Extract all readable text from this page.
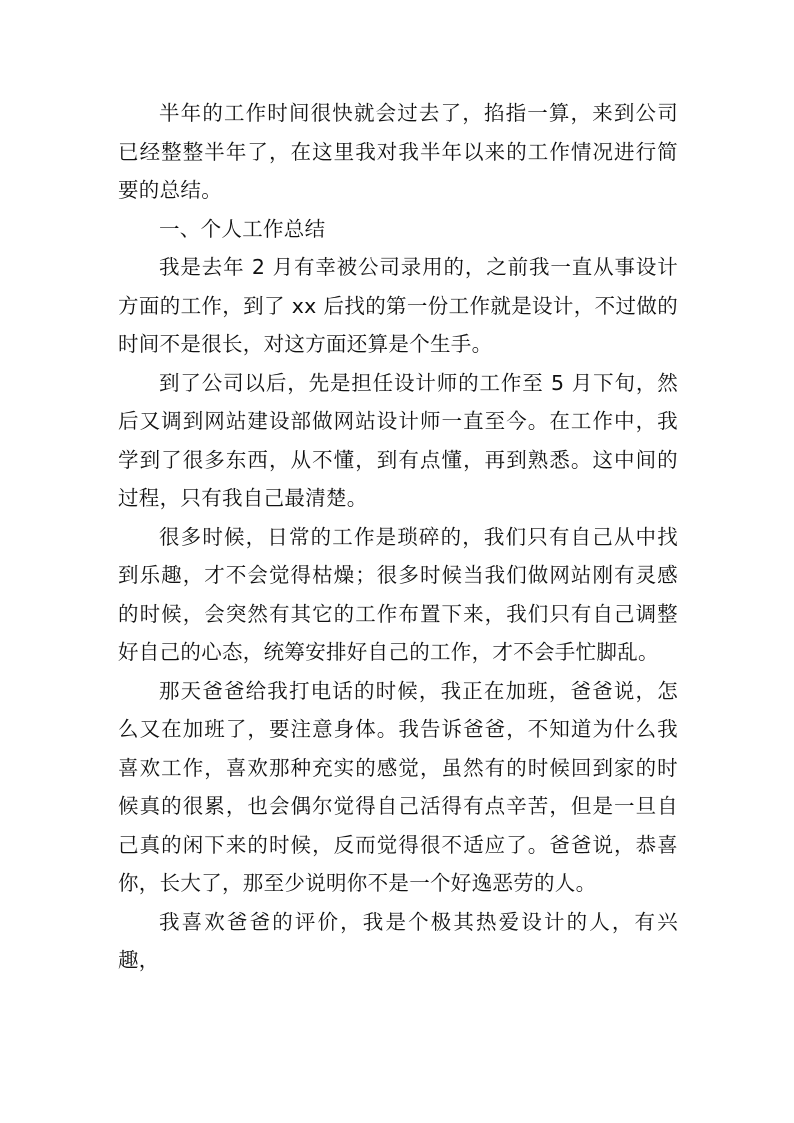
半年的工作时间很快就会过去了，掐指一算，来到公司已经整整半年了，在这里我对我半年以来的工作情况进行简要的总结。

一、个人工作总结

我是去年 2 月有幸被公司录用的，之前我一直从事设计方面的工作，到了 xx 后找的第一份工作就是设计，不过做的时间不是很长，对这方面还算是个生手。

到了公司以后，先是担任设计师的工作至 5 月下旬，然后又调到网站建设部做网站设计师一直至今。在工作中，我学到了很多东西，从不懂，到有点懂，再到熟悉。这中间的过程，只有我自己最清楚。

很多时候，日常的工作是琐碎的，我们只有自己从中找到乐趣，才不会觉得枯燥；很多时候当我们做网站刚有灵感的时候，会突然有其它的工作布置下来，我们只有自己调整好自己的心态，统筹安排好自己的工作，才不会手忙脚乱。

那天爸爸给我打电话的时候，我正在加班，爸爸说，怎么又在加班了，要注意身体。我告诉爸爸，不知道为什么我喜欢工作，喜欢那种充实的感觉，虽然有的时候回到家的时候真的很累，也会偶尔觉得自己活得有点辛苦，但是一旦自己真的闲下来的时候，反而觉得很不适应了。爸爸说，恭喜你，长大了，那至少说明你不是一个好逸恶劳的人。

我喜欢爸爸的评价，我是个极其热爱设计的人，有兴趣，
